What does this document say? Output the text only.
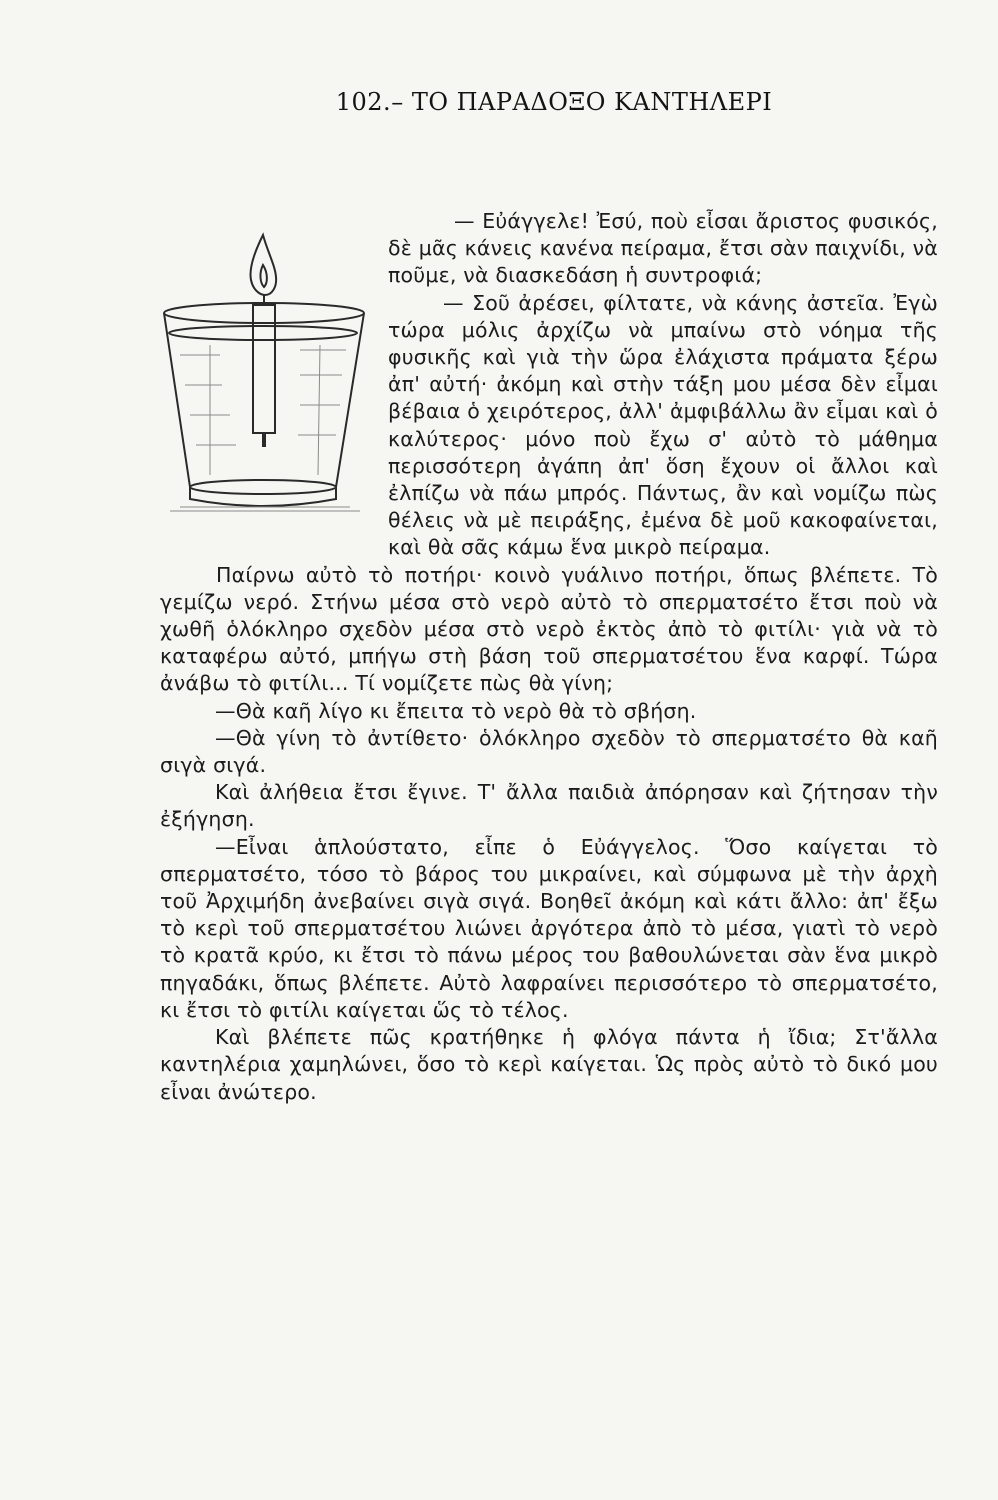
102.– ΤΟ ΠΑΡΑΔΟΞΟ ΚΑΝΤΗΛΕΡΙ

— Εὐάγγελε! Ἐσύ, ποὺ εἶσαι ἄριστος φυσικός, δὲ μᾶς κάνεις κανένα πείραμα, ἔτσι σὰν παιχνίδι, νὰ ποῦμε, νὰ διασκεδάση ἡ συντροφιά;

— Σοῦ ἀρέσει, φίλτατε, νὰ κάνης ἀστεῖα. Ἐγὼ τώρα μόλις ἀρχίζω νὰ μπαίνω στὸ νόημα τῆς φυσικῆς καὶ γιὰ τὴν ὥρα ἐλάχιστα πράματα ξέρω ἀπ' αὐτή· ἀκόμη καὶ στὴν τάξη μου μέσα δὲν εἶμαι βέβαια ὁ χειρότερος, ἀλλ' ἀμφιβάλλω ἂν εἶμαι καὶ ὁ καλύτερος· μόνο ποὺ ἔχω σ' αὐτὸ τὸ μάθημα περισσότερη ἀγάπη ἀπ' ὅση ἔχουν οἱ ἄλλοι καὶ ἐλπίζω νὰ πάω μπρός. Πάντως, ἂν καὶ νομίζω πὼς θέλεις νὰ μὲ πειράξης, ἐμένα δὲ μοῦ κακοφαίνεται, καὶ θὰ σᾶς κάμω ἕνα μικρὸ πείραμα.

Παίρνω αὐτὸ τὸ ποτήρι· κοινὸ γυάλινο ποτήρι, ὅπως βλέπετε. Τὸ γεμίζω νερό. Στήνω μέσα στὸ νερὸ αὐτὸ τὸ σπερματσέτο ἔτσι ποὺ νὰ χωθῆ ὁλόκληρο σχεδὸν μέσα στὸ νερὸ ἐκτὸς ἀπὸ τὸ φιτίλι· γιὰ νὰ τὸ καταφέρω αὐτό, μπήγω στὴ βάση τοῦ σπερματσέτου ἕνα καρφί. Τώρα ἀνάβω τὸ φιτίλι... Τί νομίζετε πὼς θὰ γίνη;

—Θὰ καῆ λίγο κι ἔπειτα τὸ νερὸ θὰ τὸ σβήση.

—Θὰ γίνη τὸ ἀντίθετο· ὁλόκληρο σχεδὸν τὸ σπερματσέτο θὰ καῆ σιγὰ σιγά.

Καὶ ἀλήθεια ἔτσι ἔγινε. Τ' ἄλλα παιδιὰ ἀπόρησαν καὶ ζήτησαν τὴν ἐξήγηση.

—Εἶναι ἁπλούστατο, εἶπε ὁ Εὐάγγελος. Ὅσο καίγεται τὸ σπερματσέτο, τόσο τὸ βάρος του μικραίνει, καὶ σύμφωνα μὲ τὴν ἀρχὴ τοῦ Ἀρχιμήδη ἀνεβαίνει σιγὰ σιγά. Βοηθεῖ ἀκόμη καὶ κάτι ἄλλο: ἀπ' ἔξω τὸ κερὶ τοῦ σπερματσέτου λιώνει ἀργότερα ἀπὸ τὸ μέσα, γιατὶ τὸ νερὸ τὸ κρατᾶ κρύο, κι ἔτσι τὸ πάνω μέρος του βαθουλώνεται σὰν ἕνα μικρὸ πηγαδάκι, ὅπως βλέπετε. Αὐτὸ λαφραίνει περισσότερο τὸ σπερματσέτο, κι ἔτσι τὸ φιτίλι καίγεται ὥς τὸ τέλος.

Καὶ βλέπετε πῶς κρατήθηκε ἡ φλόγα πάντα ἡ ἴδια; Στ'ἄλλα καντηλέρια χαμηλώνει, ὅσο τὸ κερὶ καίγεται. Ὡς πρὸς αὐτὸ τὸ δικό μου εἶναι ἀνώτερο.
